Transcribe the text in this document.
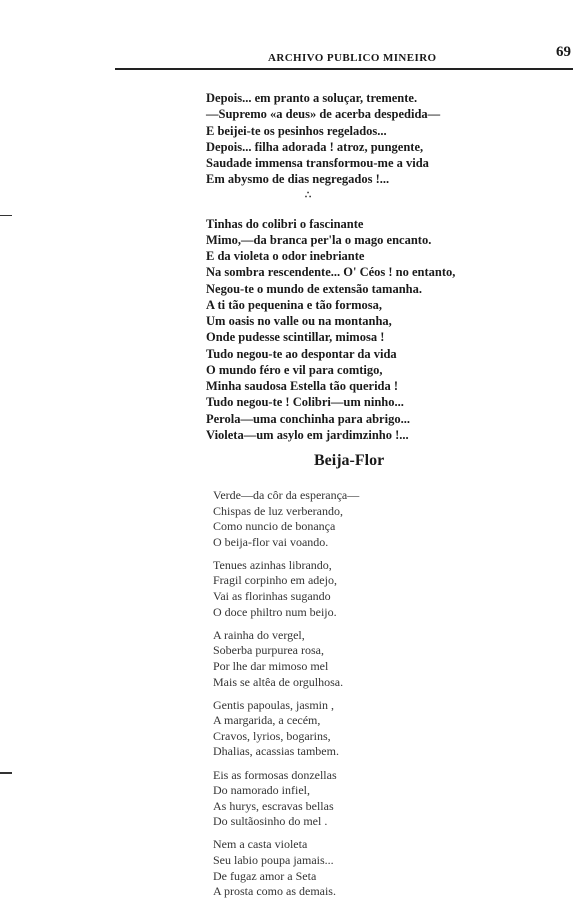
ARCHIVO PUBLICO MINEIRO	69
Depois... em pranto a soluçar, tremente.
—Supremo «a deus» de acerba despedida—
E beijei-te os pesinhos regelados...
Depois... filha adorada ! atroz, pungente,
Saudade immensa transformou-me a vida
Em abysmo de dias negregados !...
∴
Tinhas do colibri o fascinante
Mimo,—da branca per'la o mago encanto.
E da violeta o odor inebriante
Na sombra rescendente... O' Céos ! no entanto,
Negou-te o mundo de extensão tamanha.
A ti tão pequenina e tão formosa,
Um oasis no valle ou na montanha,
Onde pudesse scintillar, mimosa !
Tudo negou-te ao despontar da vida
O mundo féro e vil para comtigo,
Minha saudosa Estella tão querida !
Tudo negou-te ! Colibri—um ninho...
Perola—uma conchinha para abrigo...
Violeta—um asylo em jardimzinho !...
Beija-Flor
Verde—da côr da esperança—
Chispas de luz verberando,
Como nuncio de bonança
O beija-flor vai voando.
Tenues azinhas librando,
Fragil corpinho em adejo,
Vai as florinhas sugando
O doce philtro num beijo.
A rainha do vergel,
Soberba purpurea rosa,
Por lhe dar mimoso mel
Mais se altêa de orgulhosa.
Gentis papoulas, jasmin ,
A margarida, a cecém,
Cravos, lyrios, bogarins,
Dhalias, acassias tambem.
Eis as formosas donzellas
Do namorado infiel,
As hurys, escravas bellas
Do sultãosinho do mel .
Nem a casta violeta
Seu labio poupa jamais...
De fugaz amor a Seta
A prosta como as demais.
